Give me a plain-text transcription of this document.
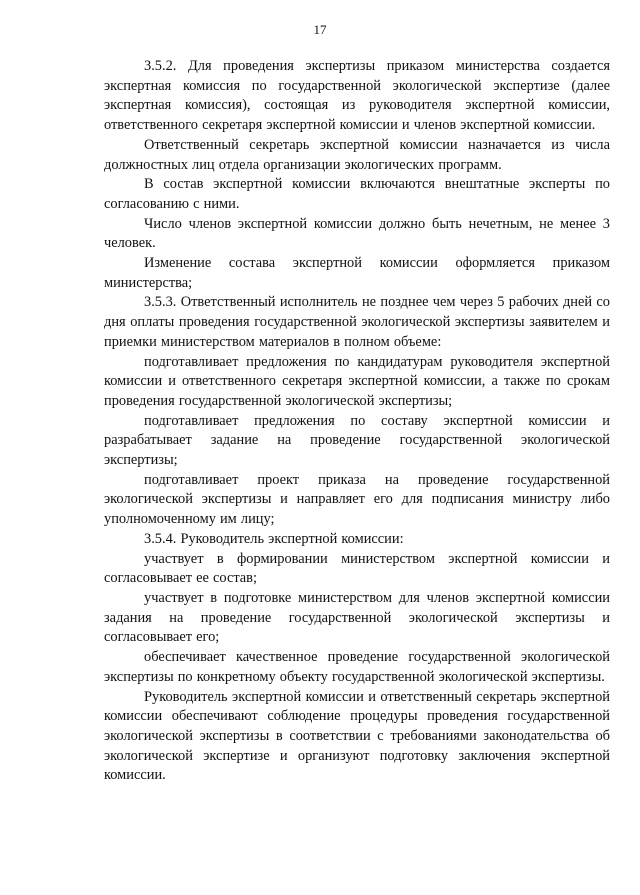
17

3.5.2. Для проведения экспертизы приказом министерства создается экспертная комиссия по государственной экологической экспертизе (далее экспертная комиссия), состоящая из руководителя экспертной комиссии, ответственного секретаря экспертной комиссии и членов экспертной комиссии.

Ответственный секретарь экспертной комиссии назначается из числа должностных лиц отдела организации экологических программ.

В состав экспертной комиссии включаются внештатные эксперты по согласованию с ними.

Число членов экспертной комиссии должно быть нечетным, не менее 3 человек.

Изменение состава экспертной комиссии оформляется приказом министерства;

3.5.3. Ответственный исполнитель не позднее чем через 5 рабочих дней со дня оплаты проведения государственной экологической экспертизы заявителем и приемки министерством материалов в полном объеме:

подготавливает предложения по кандидатурам руководителя экспертной комиссии и ответственного секретаря экспертной комиссии, а также по срокам проведения государственной экологической экспертизы;

подготавливает предложения по составу экспертной комиссии и разрабатывает задание на проведение государственной экологической экспертизы;

подготавливает проект приказа на проведение государственной экологической экспертизы и направляет его для подписания министру либо уполномоченному им лицу;

3.5.4. Руководитель экспертной комиссии:

участвует в формировании министерством экспертной комиссии и согласовывает ее состав;

участвует в подготовке министерством для членов экспертной комиссии задания на проведение государственной экологической экспертизы и согласовывает его;

обеспечивает качественное проведение государственной экологической экспертизы по конкретному объекту государственной экологической экспертизы.

Руководитель экспертной комиссии и ответственный секретарь экспертной комиссии обеспечивают соблюдение процедуры проведения государственной экологической экспертизы в соответствии с требованиями законодательства об экологической экспертизе и организуют подготовку заключения экспертной комиссии.
